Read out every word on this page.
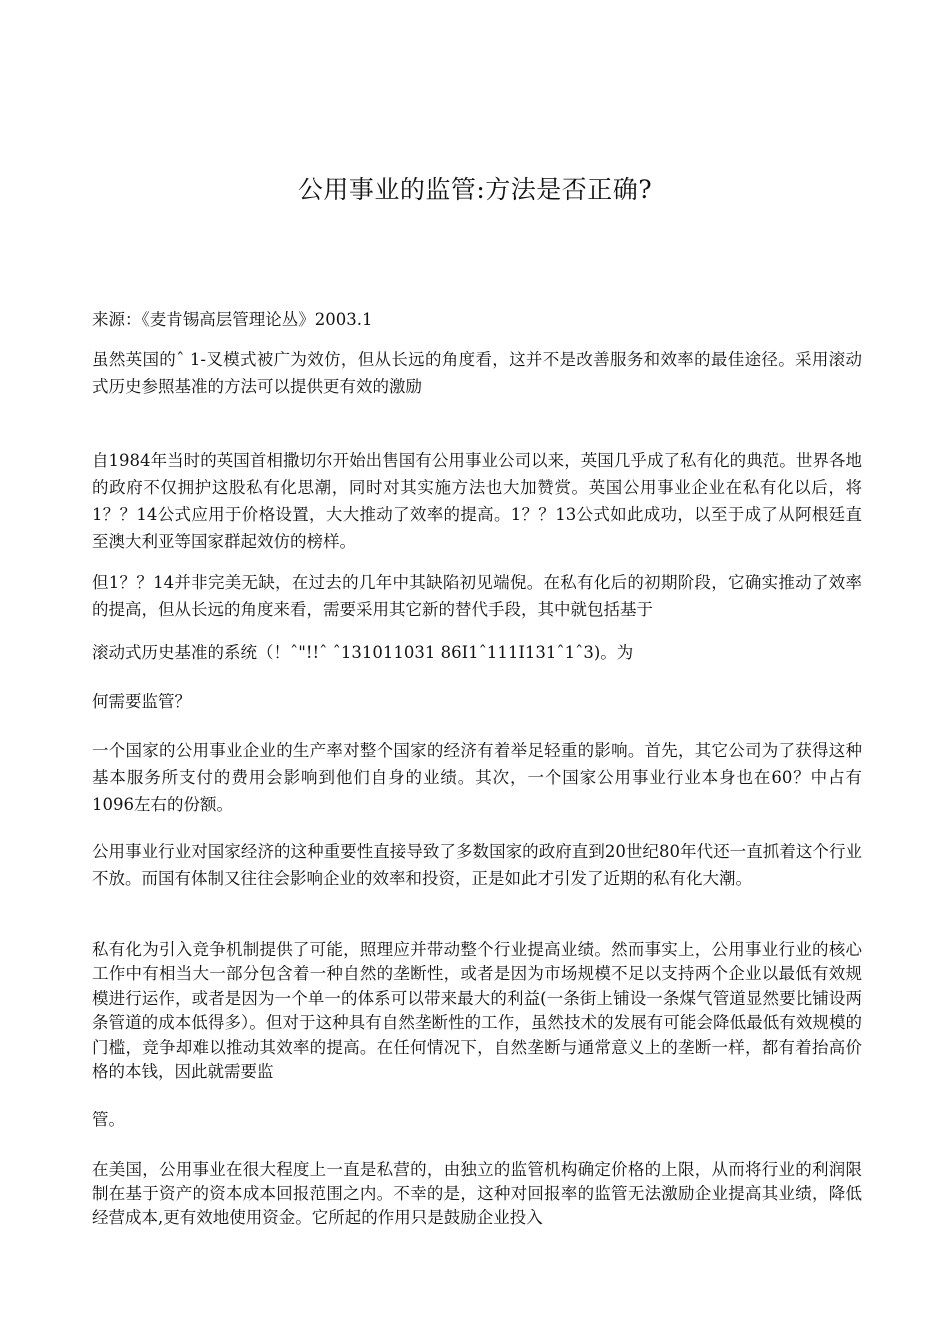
公用事业的监管:方法是否正确?

来源：《麦肯锡高层管理论丛》2003.1

虽然英国的ˆ 1-叉模式被广为效仿，但从长远的角度看，这并不是改善服务和效率的最佳途径。采用滚动式历史参照基准的方法可以提供更有效的激励

自1984年当时的英国首相撒切尔开始出售国有公用事业公司以来，英国几乎成了私有化的典范。世界各地的政府不仅拥护这股私有化思潮，同时对其实施方法也大加赞赏。英国公用事业企业在私有化以后，将1？？14公式应用于价格设置，大大推动了效率的提高。1？？13公式如此成功，以至于成了从阿根廷直至澳大利亚等国家群起效仿的榜样。

但1？？14并非完美无缺，在过去的几年中其缺陷初见端倪。在私有化后的初期阶段，它确实推动了效率的提高，但从长远的角度来看，需要采用其它新的替代手段，其中就包括基于

滚动式历史基准的系统（！ˆ"!!ˆ ˆ131011031 86Ι1ˆ111Ι131ˆ1ˆ3)。为

何需要监管？

一个国家的公用事业企业的生产率对整个国家的经济有着举足轻重的影响。首先，其它公司为了获得这种基本服务所支付的费用会影响到他们自身的业绩。其次，一个国家公用事业行业本身也在60？中占有1096左右的份额。

公用事业行业对国家经济的这种重要性直接导致了多数国家的政府直到20世纪80年代还一直抓着这个行业不放。而国有体制又往往会影响企业的效率和投资，正是如此才引发了近期的私有化大潮。

私有化为引入竞争机制提供了可能，照理应并带动整个行业提高业绩。然而事实上，公用事业行业的核心工作中有相当大一部分包含着一种自然的垄断性，或者是因为市场规模不足以支持两个企业以最低有效规模进行运作，或者是因为一个单一的体系可以带来最大的利益(一条街上铺设一条煤气管道显然要比铺设两条管道的成本低得多）。但对于这种具有自然垄断性的工作，虽然技术的发展有可能会降低最低有效规模的门槛，竞争却难以推动其效率的提高。在任何情况下，自然垄断与通常意义上的垄断一样，都有着抬高价格的本钱，因此就需要监

管。

在美国，公用事业在很大程度上一直是私营的，由独立的监管机构确定价格的上限，从而将行业的利润限制在基于资产的资本成本回报范围之内。不幸的是，这种对回报率的监管无法激励企业提高其业绩，降低经营成本,更有效地使用资金。它所起的作用只是鼓励企业投入
